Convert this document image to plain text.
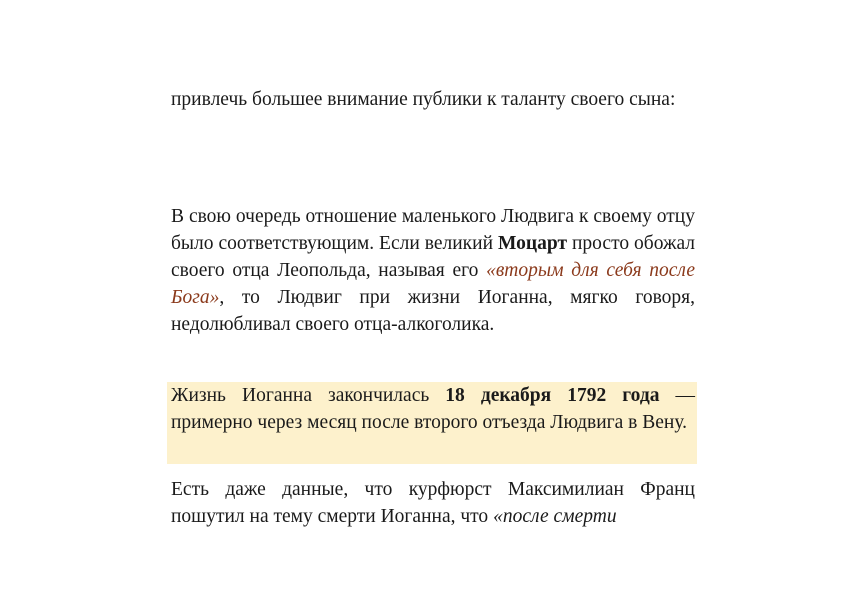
привлечь большее внимание публики к таланту своего сына:

В свою очередь отношение маленького Людвига к своему отцу было соответствующим. Если великий Моцарт просто обожал своего отца Леопольда, называя его «вторым для себя после Бога», то Людвиг при жизни Иоганна, мягко говоря, недолюбливал своего отца-алкоголика.

Жизнь Иоганна закончилась 18 декабря 1792 года — примерно через месяц после второго отъезда Людвига в Вену.

Есть даже данные, что курфюрст Максимилиан Франц пошутил на тему смерти Иоганна, что «после смерти
